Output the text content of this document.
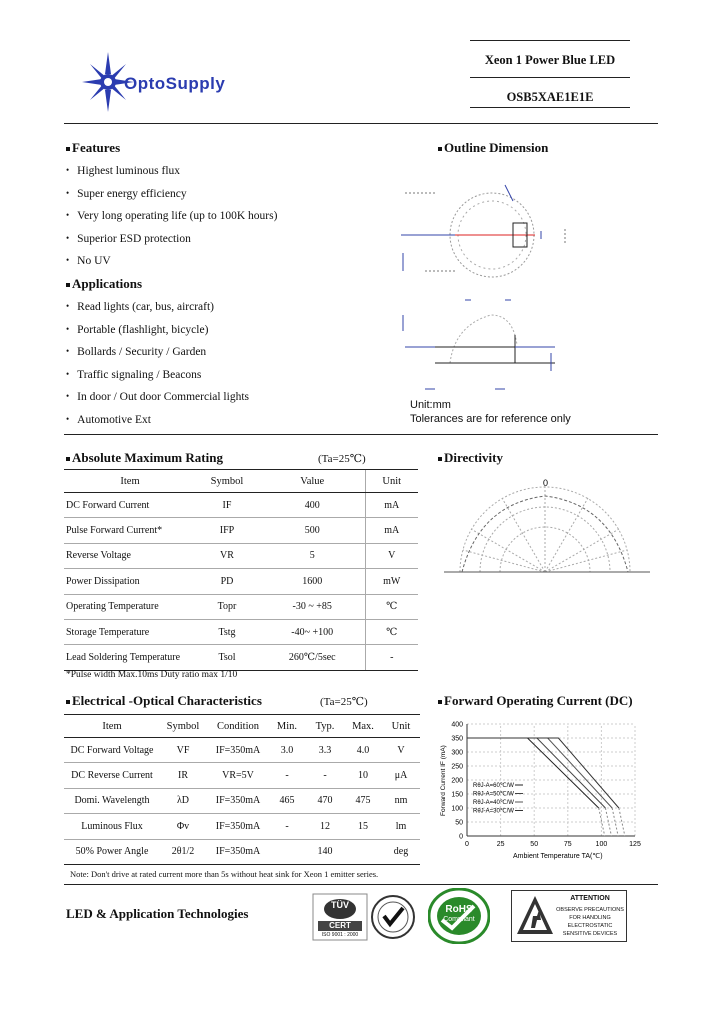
OptoSupply
Xeon 1 Power Blue LED
OSB5XAE1E1E
Features
• Highest luminous flux
• Super energy efficiency
• Very long operating life (up to 100K hours)
• Superior ESD protection
• No UV
Applications
• Read lights (car, bus, aircraft)
• Portable (flashlight, bicycle)
• Bollards / Security / Garden
• Traffic signaling / Beacons
• In door / Out door Commercial lights
• Automotive Ext
Outline Dimension
Unit:mm
Tolerances are for reference only
Absolute Maximum Rating	(Ta=25℃)
Item	Symbol	Value	Unit
DC Forward Current	IF	400	mA
Pulse Forward Current*	IFP	500	mA
Reverse Voltage	VR	5	V
Power Dissipation	PD	1600	mW
Operating Temperature	Topr	-30 ~ +85	℃
Storage Temperature	Tstg	-40~ +100	℃
Lead Soldering Temperature	Tsol	260℃/5sec	-
*Pulse width Max.10ms Duty ratio max 1/10
Directivity
0
Electrical -Optical Characteristics	(Ta=25℃)
Item	Symbol	Condition	Min.	Typ.	Max.	Unit
DC Forward Voltage	VF	IF=350mA	3.0	3.3	4.0	V
DC Reverse Current	IR	VR=5V	-	-	10	μA
Domi. Wavelength	λD	IF=350mA	465	470	475	nm
Luminous Flux	Φv	IF=350mA	-	12	15	lm
50% Power Angle	2θ1/2	IF=350mA		140		deg
Note: Don't drive at rated current more than 5s without heat sink for Xeon 1 emitter series.
Forward Operating Current (DC)
Forward Current IF (mA)
Ambient Temperature TA(℃)
0
50
100
150
200
250
300
350
400
0	25	50	75	100	125
RθJ-A=60℃/W
RθJ-A=50℃/W
RθJ-A=40℃/W
RθJ-A=30℃/W
LED & Application Technologies
TÜV
CERT
ISO 9001 : 2000
RoHS
Compliant
ATTENTION
OBSERVE PRECAUTIONS
FOR HANDLING
ELECTROSTATIC
SENSITIVE DEVICES
